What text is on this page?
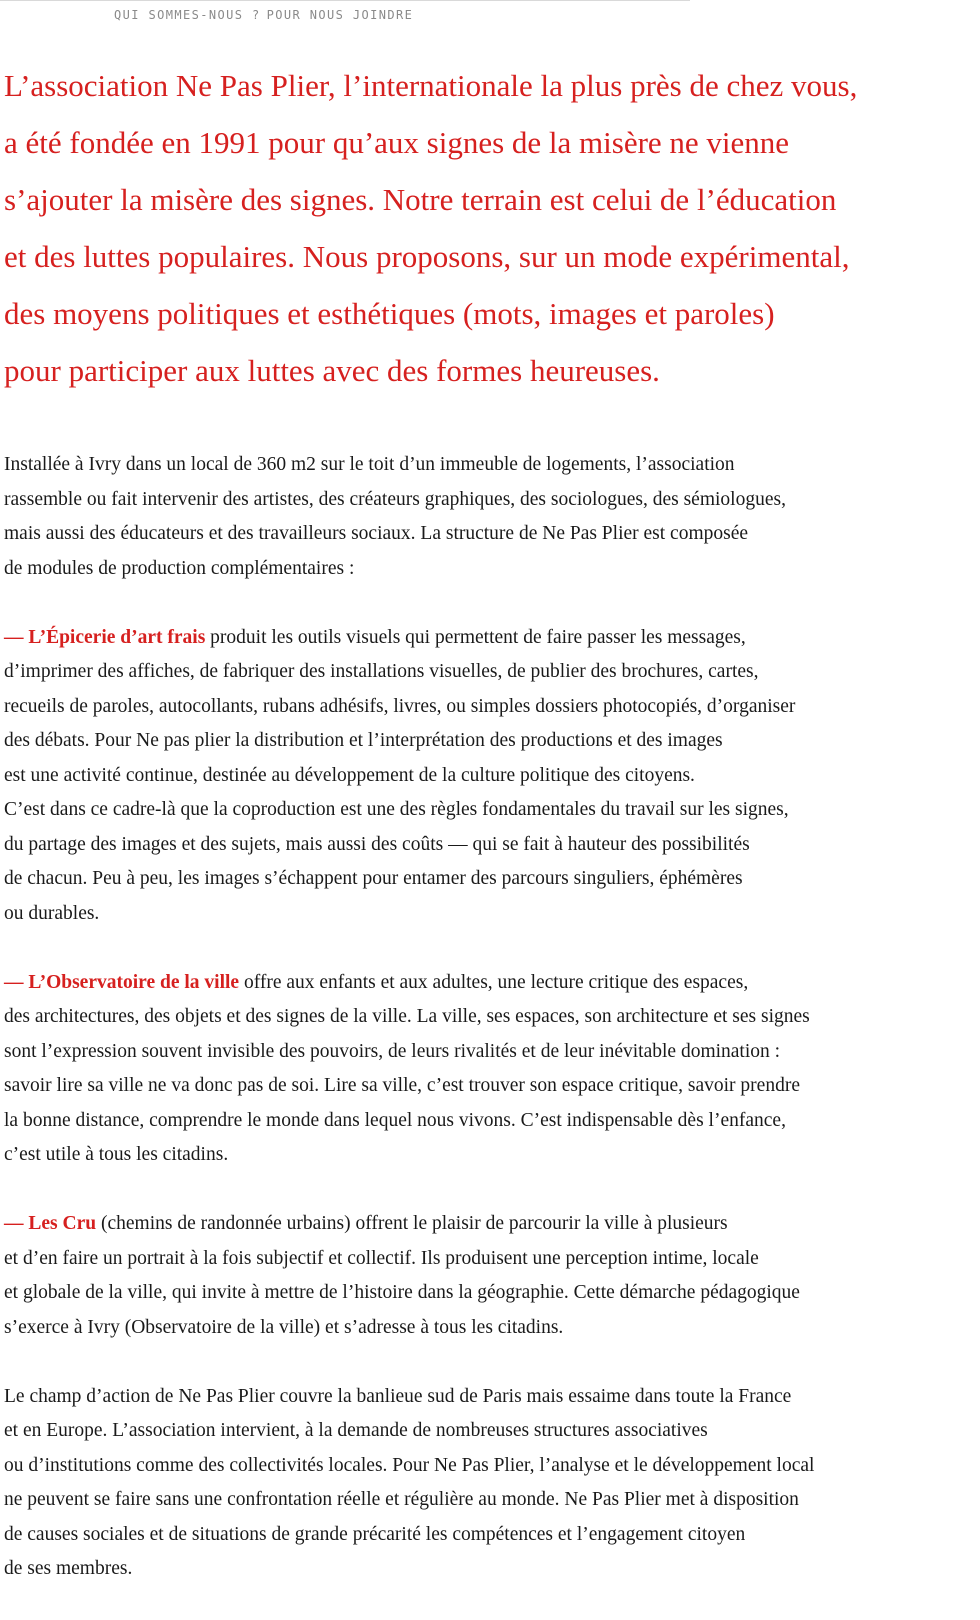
QUI SOMMES-NOUS ? POUR NOUS JOINDRE
L’association Ne Pas Plier, l’internationale la plus près de chez vous,
a été fondée en 1991 pour qu’aux signes de la misère ne vienne
s’ajouter la misère des signes. Notre terrain est celui de l’éducation
et des luttes populaires. Nous proposons, sur un mode expérimental,
des moyens politiques et esthétiques (mots, images et paroles)
pour participer aux luttes avec des formes heureuses.
Installée à Ivry dans un local de 360 m2 sur le toit d’un immeuble de logements, l’association
rassemble ou fait intervenir des artistes, des créateurs graphiques, des sociologues, des sémiologues,
mais aussi des éducateurs et des travailleurs sociaux. La structure de Ne Pas Plier est composée
de modules de production complémentaires :
— L’Épicerie d’art frais produit les outils visuels qui permettent de faire passer les messages,
d’imprimer des affiches, de fabriquer des installations visuelles, de publier des brochures, cartes,
recueils de paroles, autocollants, rubans adhésifs, livres, ou simples dossiers photocopiés, d’organiser
des débats. Pour Ne pas plier la distribution et l’interprétation des productions et des images
est une activité continue, destinée au développement de la culture politique des citoyens.
C’est dans ce cadre-là que la coproduction est une des règles fondamentales du travail sur les signes,
du partage des images et des sujets, mais aussi des coûts — qui se fait à hauteur des possibilités
de chacun. Peu à peu, les images s’échappent pour entamer des parcours singuliers, éphémères
ou durables.
— L’Observatoire de la ville offre aux enfants et aux adultes, une lecture critique des espaces,
des architectures, des objets et des signes de la ville. La ville, ses espaces, son architecture et ses signes
sont l’expression souvent invisible des pouvoirs, de leurs rivalités et de leur inévitable domination :
savoir lire sa ville ne va donc pas de soi. Lire sa ville, c’est trouver son espace critique, savoir prendre
la bonne distance, comprendre le monde dans lequel nous vivons. C’est indispensable dès l’enfance,
c’est utile à tous les citadins.
— Les Cru (chemins de randonnée urbains) offrent le plaisir de parcourir la ville à plusieurs
et d’en faire un portrait à la fois subjectif et collectif. Ils produisent une perception intime, locale
et globale de la ville, qui invite à mettre de l’histoire dans la géographie. Cette démarche pédagogique
s’exerce à Ivry (Observatoire de la ville) et s’adresse à tous les citadins.
Le champ d’action de Ne Pas Plier couvre la banlieue sud de Paris mais essaime dans toute la France
et en Europe. L’association intervient, à la demande de nombreuses structures associatives
ou d’institutions comme des collectivités locales. Pour Ne Pas Plier, l’analyse et le développement local
ne peuvent se faire sans une confrontation réelle et régulière au monde. Ne Pas Plier met à disposition
de causes sociales et de situations de grande précarité les compétences et l’engagement citoyen
de ses membres.
